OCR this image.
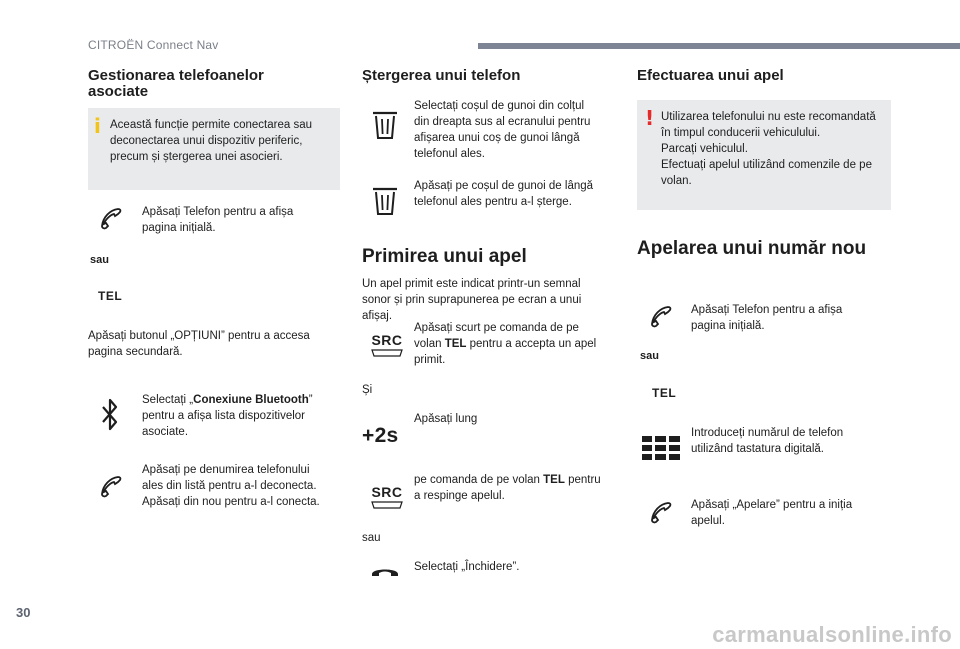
CITROËN Connect Nav
Gestionarea telefoanelor
asociate
i Această funcție permite conectarea sau
deconectarea unui dispozitiv periferic,
precum și ștergerea unei asocieri.
Apăsați Telefon pentru a afișa
pagina inițială.
sau
TEL
Apăsați butonul „OPȚIUNI” pentru a accesa
pagina secundară.
Selectați „Conexiune Bluetooth”
pentru a afișa lista dispozitivelor
asociate.
Apăsați pe denumirea telefonului
ales din listă pentru a-l deconecta.
Apăsați din nou pentru a-l conecta.
Ștergerea unui telefon
Selectați coșul de gunoi din colțul
din dreapta sus al ecranului pentru
afișarea unui coș de gunoi lângă
telefonul ales.
Apăsați pe coșul de gunoi de lângă
telefonul ales pentru a-l șterge.
Primirea unui apel
Un apel primit este indicat printr-un semnal
sonor și prin suprapunerea pe ecran a unui
afișaj.
SRC
Apăsați scurt pe comanda de pe
volan TEL pentru a accepta un apel
primit.
Și
+2s
Apăsați lung
SRC
pe comanda de pe volan TEL pentru
a respinge apelul.
sau
Selectați „Închidere”.
Efectuarea unui apel
! Utilizarea telefonului nu este recomandată
în timpul conducerii vehiculului.
Parcați vehiculul.
Efectuați apelul utilizând comenzile de pe
volan.
Apelarea unui număr nou
Apăsați Telefon pentru a afișa
pagina inițială.
sau
TEL
Introduceți numărul de telefon
utilizând tastatura digitală.
Apăsați „Apelare” pentru a iniția
apelul.
30
carmanualsonline.info
